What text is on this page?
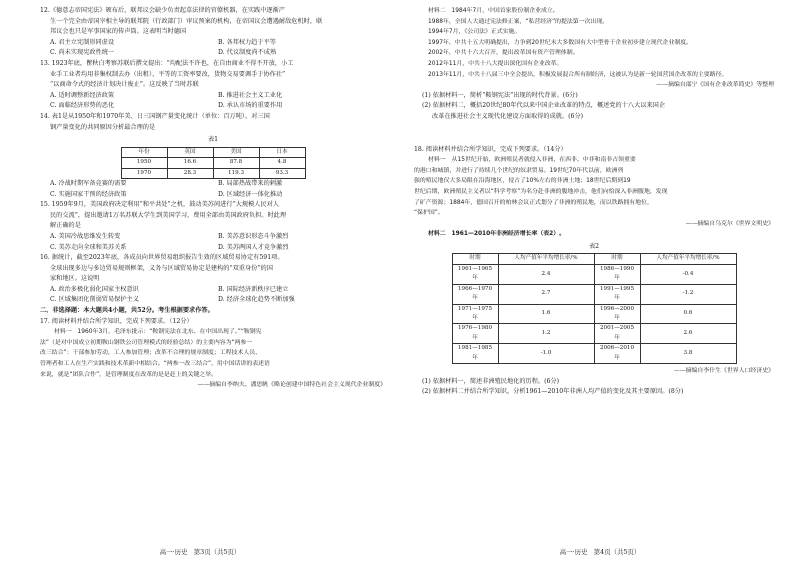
12.《德意志帝国宪法》颁布后，联邦议会缺少负责起草法律的官僚机器，在实践中逐渐产
生一个完全由帝国宰相主导的联邦院（行政部门）审议预案的机构，在帝国议会遭遇耐敌危机时，联
邦议会也只是军事国家的传声筒。这表明当时德国
A. 君主立宪制形同虚设	B. 各邦权力趋于平等
C. 尚未实现宪政性统一	D. 代议制度尚不成熟
13. 1923年底，瞿秋白考察苏联后撰文提出：“均配法不许也，在自由商业不得不开放，小工
业手工业者均用非集权制去办（出租），平等的工资率要改，货物交易要调手于协作社”
“以商命令式的经济计划决计废止”。这反映了当时苏联
A. 适时调整新经济政策	B. 推进社会主义工业化
C. 面临经济形势的恶化	D. 承认市场的重要作用
14. 表1是从1950年和1970年美、日三国钢产量变化统计（单位：百万吨）。对三国
钢产量变化的共同原因分析最合理的是
表1
年份	英国	美国	日本
1950	16.6	87.8	4.8
1970	28.3	119.3	93.3
A. 冷战时期军备竞赛的需要	B. 局部热战带来的刺激
C. 实施国家干预的经济政策	D. 区域经济一体化推动
15. 1959年9月，美国政府决定利用“和平共处”之机，鼓动美苏间进行“大规模人民对人
民的交流”，提出邀请1万名苏联大学生到美国学习，费用全部由美国政府负担。时此理
解正确的是
A. 美国冷战思维发生转变	B. 美苏意识形态斗争激烈
C. 美苏走向全球和美苏关系	D. 美苏两国人才竞争激烈
16. 据统计，截至2023年底，各成员向世界贸易组织报告生效的区域贸易协定有591项。
全球出现多边与多边贸易规则框架，义务与区域贸易协定是建构的“双重身份”的国
家和地区。这说明
A. 政治多极化弱化国家主权意识	B. 国际经济新秩序已建立
C. 区域集团化削弱贸易保护主义	D. 经济全球化趋势不断加强
二、非选择题：本大题共4小题，共52分。考生根据要求作答。
17. 阅读材料并结合所学知识，完成下列要求。（12分）
材料一　1960年3月，毛泽东批示：“鞍钢宪法在北东、在中国出现了。”“鞍钢宪
法”（是对中国成立初期鞍山钢铁公司管理模式的经验总结）的主要内容为“两参一
改三结合”：干部参加劳动，工人参加管理；改革不合理的规章制度；工程技术人员、
管理者和工人在生产实践和技术革新中相结合。“两参一改三结合”，用中国话讲的表述语
来说，就是“团队合作”，是管理制度在改革的是是赶上的关键之举。
——摘编自李纳夫、潘思帆《略论创建中国特色社会主义现代企业制度》
高一·历史　第3页（共5页）
材料二　1984年7月，中国首家股份制企业成立。
1988年，全国人大通过宪法修正案，“私营经济”的提法第一次出现。
1994年7月，《公司法》正式实施。
1997年，中共十五大明确提出，力争到20世纪末大多数国有大中型骨干企业初步建立现代企业制度。
2002年，中共十六大召开，提出改革国有资产管理体制。
2012年11月，中共十八大提出深化国有企业改革。
2013年11月，中共十八届三中全会提出，积极发展混合所有制经济，这被认为是新一轮国营国企改革的主要路径。
——摘编自邵宁《国有企业改革简史》等整理
(1) 依据材料一，简析“鞍钢宪法”出现的时代背景。(6分)
(2) 依据材料二，概括20世纪80年代以来中国企业改革的特点，概述党的十八大以来国企
改革在推进社会主义现代化建设方面取得的成就。(6分)
18. 阅读材料并结合所学知识，完成下列要求。（14分）
材料一　从15世纪开始，欧洲殖民者就侵入非洲，在西非、中非和南非占领重要
的港口和城镇，并进行了持续几个世纪的奴隶贸易。19世纪70年代以前，欧洲列
强的殖民地仅大多局限在沿海地区，侵占了10%左右的非洲土地；18世纪后期到19
世纪后期，欧洲殖民主义者以“科学考察”为名分赴非洲的腹地冲击，他们向恰深入非洲腹地，发现
了矿产资源；1884年，德国召开的柏林会议正式划分了非洲的殖民地，而以铁路拥有地位，
“保护国”。
——摘编自乌克尔《世界文明史》
材料二　1961—2010年非洲经济增长率（表2）。
表2
时期	人均产值年平均增长率/%	时期	人均产值年平均增长率/%
1961—1965 年	2.4	1986—1990 年	-0.4
1966—1970 年	2.7	1991—1995 年	-1.2
1971—1975 年	1.6	1996—2000 年	0.6
1976—1980 年	1.2	2001—2005 年	2.6
1981—1985 年	-1.0	2006—2010 年	3.8
——摘编自李什生《世界人口经济史》
(1) 依据材料一，简述非洲殖民地化的历程。(6分)
(2) 依据材料二并结合所学知识，分析1961—2010年非洲人均产值的变化及其主要原因。(8分)
高一·历史　第4页（共5页）
